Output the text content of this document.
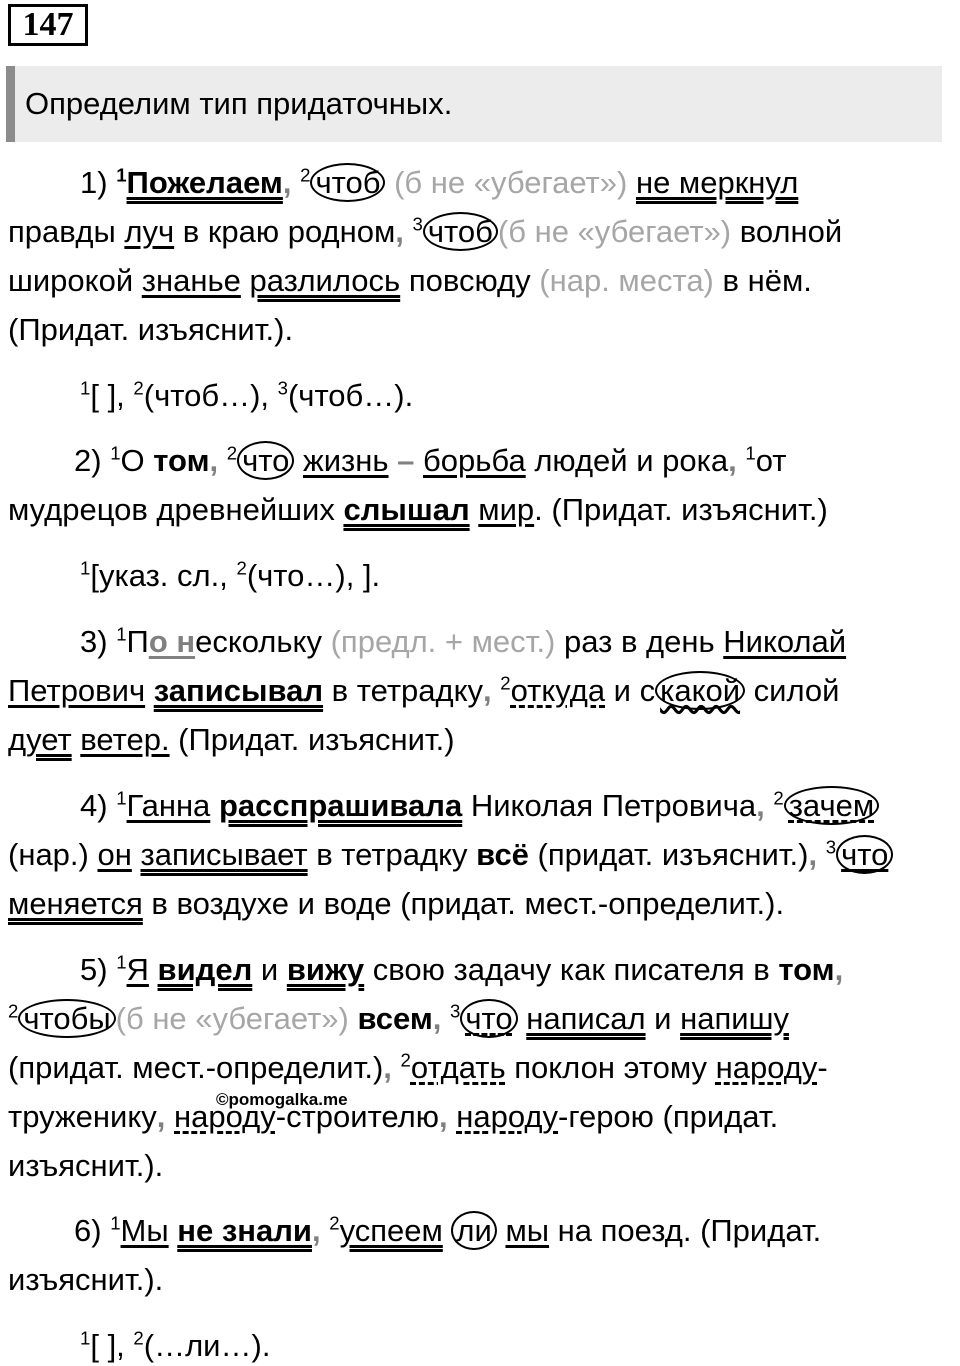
147
Определим тип придаточных.
1) $^1$Пожелаем, $^2$ чтоб (б не «убегает») не меркнул
правды луч в краю родном, $^3$ чтоб (б не «убегает») волной
широкой знанье разлилось повсюду (нар. места) в нём.
(Придат. изъяснит.).
$^1$[ ], $^2$(чтоб…), $^3$(чтоб…).
2) $^1$О том, $^2$ что жизнь – борьба людей и рока, $^1$от
мудрецов древнейших слышал мир. (Придат. изъяснит.)
$^1$[указ. сл., $^2$(что…), ].
3) $^1$По нескольку (предл. + мест.) раз в день Николай
Петрович записывал в тетрадку, $^2$откуда и с какой силой
дует ветер. (Придат. изъяснит.)
4) $^1$Ганна расспрашивала Николая Петровича, $^2$ зачем
(нар.) он записывает в тетрадку всё (придат. изъяснит.), $^3$ что
меняется в воздухе и воде (придат. мест.-определит.).
5) $^1$Я видел и вижу свою задачу как писателя в том,
$^2$ чтобы (б не «убегает») всем, $^3$ что написал и напишу
(придат. мест.-определит.), $^2$отдать поклон этому народу-
труженику, народу-строителю, народу-герою (придат.
изъяснит.).
6) $^1$Мы не знали, $^2$успеем ли мы на поезд. (Придат.
изъяснит.).
$^1$[ ], $^2$(…ли…).
©pomogalka.me
